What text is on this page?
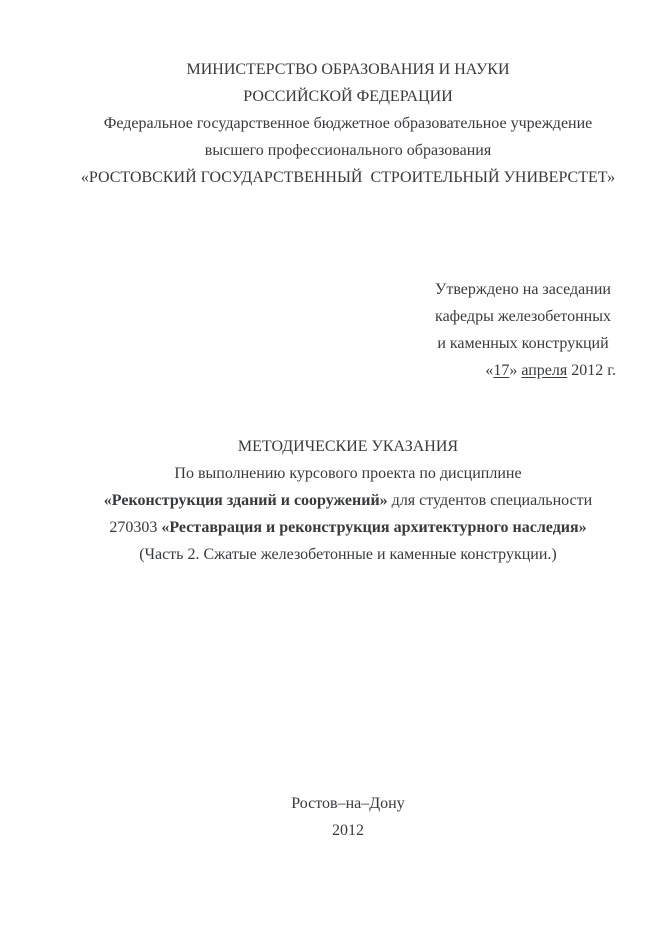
МИНИСТЕРСТВО ОБРАЗОВАНИЯ И НАУКИ
РОССИЙСКОЙ ФЕДЕРАЦИИ
Федеральное государственное бюджетное образовательное учреждение
высшего профессионального образования
«РОСТОВСКИЙ ГОСУДАРСТВЕННЫЙ  СТРОИТЕЛЬНЫЙ УНИВЕРСТЕТ»
Утверждено на заседании
кафедры железобетонных
и каменных конструкций
«17» апреля 2012 г.
МЕТОДИЧЕСКИЕ УКАЗАНИЯ
По выполнению курсового проекта по дисциплине
«Реконструкция зданий и сооружений» для студентов специальности
270303 «Реставрация и реконструкция архитектурного наследия»
(Часть 2. Сжатые железобетонные и каменные конструкции.)
Ростов–на–Дону
2012
